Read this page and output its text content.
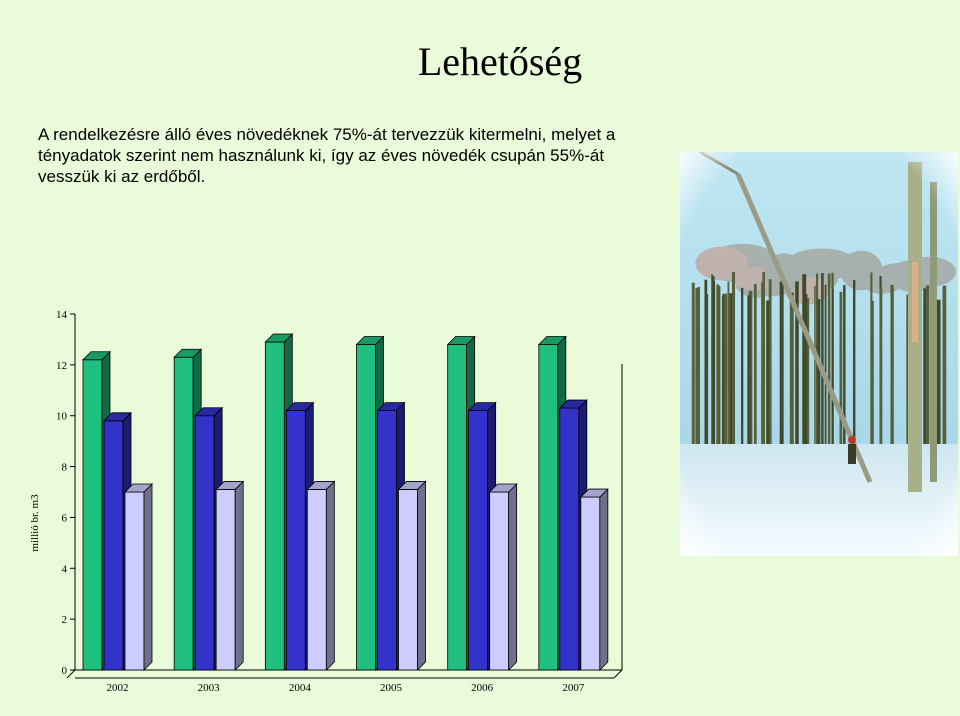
Lehetőség
A rendelkezésre álló éves növedéknek 75%-át tervezzük kitermelni, melyet a tényadatok szerint nem használunk ki, így az éves növedék csupán 55%-át vesszük ki az erdőből.
millió br. m3
0
2
4
6
8
10
12
14
2002	2003	2004	2005	2006	2007
